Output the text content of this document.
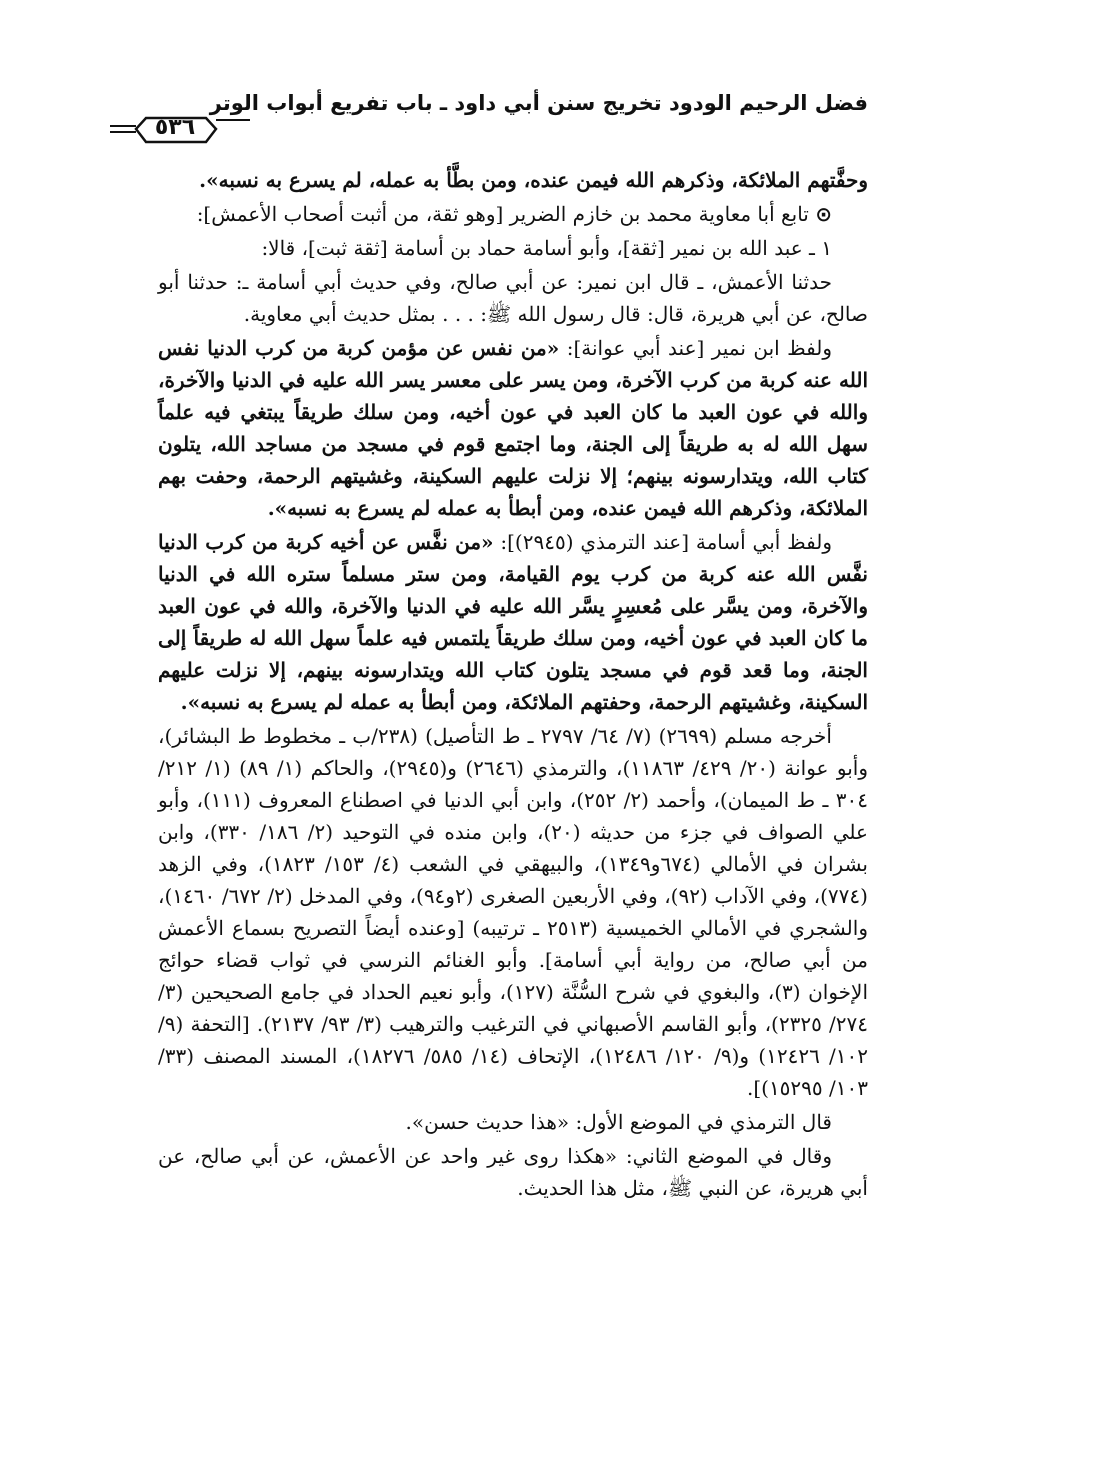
فضل الرحيم الودود تخريج سنن أبي داود ـ باب تفريع أبواب الوتر
٥٣٦

وحفَّتهم الملائكة، وذكرهم الله فيمن عنده، ومن بطَّأ به عمله، لم يسرع به نسبه».

⊙ تابع أبا معاوية محمد بن خازم الضرير [وهو ثقة، من أثبت أصحاب الأعمش]:

١ ـ عبد الله بن نمير [ثقة]، وأبو أسامة حماد بن أسامة [ثقة ثبت]، قالا:

حدثنا الأعمش، ـ قال ابن نمير: عن أبي صالح، وفي حديث أبي أسامة ـ: حدثنا أبو صالح، عن أبي هريرة، قال: قال رسول الله ﷺ: . . . بمثل حديث أبي معاوية.

ولفظ ابن نمير [عند أبي عوانة]: «من نفس عن مؤمن كربة من كرب الدنيا نفس الله عنه كربة من كرب الآخرة، ومن يسر على معسر يسر الله عليه في الدنيا والآخرة، والله في عون العبد ما كان العبد في عون أخيه، ومن سلك طريقاً يبتغي فيه علماً سهل الله له به طريقاً إلى الجنة، وما اجتمع قوم في مسجد من مساجد الله، يتلون كتاب الله، ويتدارسونه بينهم؛ إلا نزلت عليهم السكينة، وغشيتهم الرحمة، وحفت بهم الملائكة، وذكرهم الله فيمن عنده، ومن أبطأ به عمله لم يسرع به نسبه».

ولفظ أبي أسامة [عند الترمذي (٢٩٤٥)]: «من نفَّس عن أخيه كربة من كرب الدنيا نفَّس الله عنه كربة من كرب يوم القيامة، ومن ستر مسلماً ستره الله في الدنيا والآخرة، ومن يسَّر على مُعسِرٍ يسَّر الله عليه في الدنيا والآخرة، والله في عون العبد ما كان العبد في عون أخيه، ومن سلك طريقاً يلتمس فيه علماً سهل الله له طريقاً إلى الجنة، وما قعد قوم في مسجد يتلون كتاب الله ويتدارسونه بينهم، إلا نزلت عليهم السكينة، وغشيتهم الرحمة، وحفتهم الملائكة، ومن أبطأ به عمله لم يسرع به نسبه».

أخرجه مسلم (٢٦٩٩) (٧/ ٦٤/ ٢٧٩٧ ـ ط التأصيل) (٢٣٨/ب ـ مخطوط ط البشائر)، وأبو عوانة (٢٠/ ٤٢٩/ ١١٨٦٣)، والترمذي (٢٦٤٦) و(٢٩٤٥)، والحاكم (١/ ٨٩) (١/ ٢١٢/ ٣٠٤ ـ ط الميمان)، وأحمد (٢/ ٢٥٢)، وابن أبي الدنيا في اصطناع المعروف (١١١)، وأبو علي الصواف في جزء من حديثه (٢٠)، وابن منده في التوحيد (٢/ ١٨٦/ ٣٣٠)، وابن بشران في الأمالي (٦٧٤و١٣٤٩)، والبيهقي في الشعب (٤/ ١٥٣/ ١٨٢٣)، وفي الزهد (٧٧٤)، وفي الآداب (٩٢)، وفي الأربعين الصغرى (٢و٩٤)، وفي المدخل (٢/ ٦٧٢/ ١٤٦٠)، والشجري في الأمالي الخميسية (٢٥١٣ ـ ترتيبه) [وعنده أيضاً التصريح بسماع الأعمش من أبي صالح، من رواية أبي أسامة]. وأبو الغنائم النرسي في ثواب قضاء حوائج الإخوان (٣)، والبغوي في شرح السُّنَّة (١٢٧)، وأبو نعيم الحداد في جامع الصحيحين (٣/ ٢٧٤/ ٢٣٢٥)، وأبو القاسم الأصبهاني في الترغيب والترهيب (٣/ ٩٣/ ٢١٣٧). [التحفة (٩/ ١٠٢/ ١٢٤٢٦) و(٩/ ١٢٠/ ١٢٤٨٦)، الإتحاف (١٤/ ٥٨٥/ ١٨٢٧٦)، المسند المصنف (٣٣/ ١٠٣/ ١٥٢٩٥)].

قال الترمذي في الموضع الأول: «هذا حديث حسن».

وقال في الموضع الثاني: «هكذا روى غير واحد عن الأعمش، عن أبي صالح، عن أبي هريرة، عن النبي ﷺ، مثل هذا الحديث.
